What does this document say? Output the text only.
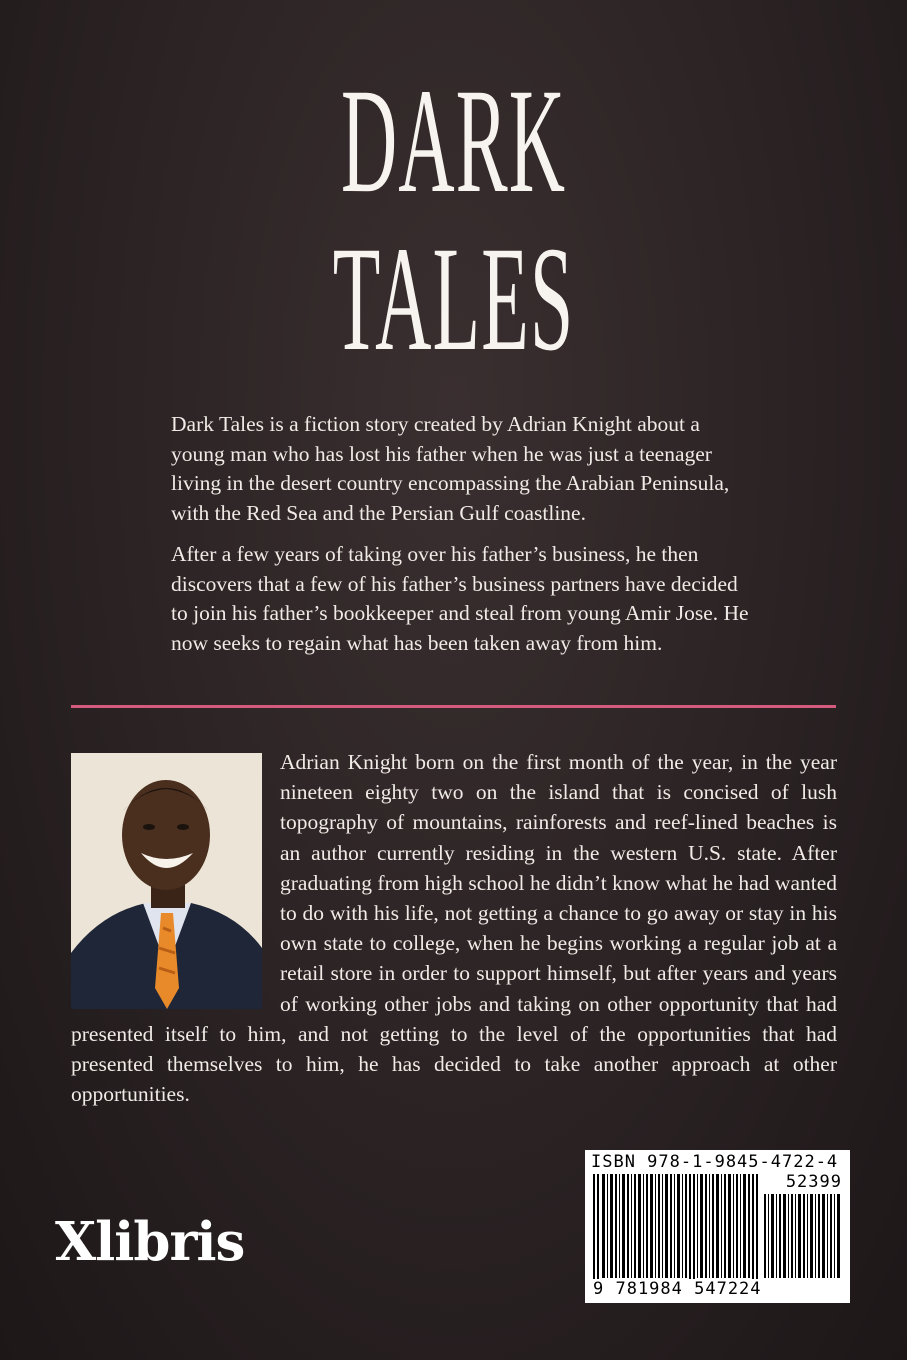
DARK
TALES

Dark Tales is a fiction story created by Adrian Knight about a young man who has lost his father when he was just a teenager living in the desert country encompassing the Arabian Peninsula, with the Red Sea and the Persian Gulf coastline.

After a few years of taking over his father’s business, he then discovers that a few of his father’s business partners have decided to join his father’s bookkeeper and steal from young Amir Jose. He now seeks to regain what has been taken away from him.

Adrian Knight born on the first month of the year, in the year nineteen eighty two on the island that is concised of lush topography of mountains, rainforests and reef-lined beaches is an author currently residing in the western U.S. state. After graduating from high school he didn’t know what he had wanted to do with his life, not getting a chance to go away or stay in his own state to college, when he begins working a regular job at a retail store in order to support himself, but after years and years of working other jobs and taking on other opportunity that had presented itself to him, and not getting to the level of the opportunities that had presented themselves to him, he has decided to take another approach at other opportunities.
Xlibris
ISBN 978-1-9845-4722-4
52399
9 781984 547224
